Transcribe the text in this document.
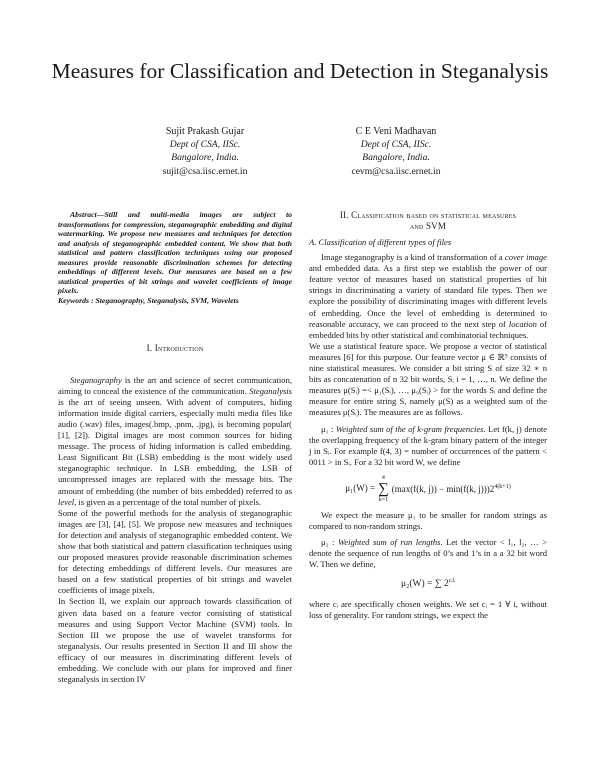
Measures for Classification and Detection in Steganalysis
Sujit Prakash Gujar
Dept of CSA, IISc.
Bangalore, India.
sujit@csa.iisc.ernet.in
C E Veni Madhavan
Dept of CSA, IISc.
Bangalore, India.
cevm@csa.iisc.ernet.in

Abstract—Still and multi-media images are subject to transformations for compression, steganographic embedding and digital watermarking. We propose new measures and techniques for detection and analysis of steganographic embedded content. We show that both statistical and pattern classification techniques using our proposed measures provide reasonable discrimination schemes for detecting embeddings of different levels. Our measures are based on a few statistical properties of bit strings and wavelet coefficients of image pixels.
Keywords : Steganography, Steganalysis, SVM, Wavelets

I. Introduction

Steganography is the art and science of secret communication, aiming to conceal the existence of the communication. Steganalysis is the art of seeing unseen. With advent of computers, hiding information inside digital carriers, especially multi media files like audio (.wav) files, images(.bmp, .pnm, .jpg), is becoming popular( [1], [2]). Digital images are most common sources for hiding message. The process of hiding information is called embedding. Least Significant Bit (LSB) embedding is the most widely used steganographic technique. In LSB embedding, the LSB of uncompressed images are replaced with the message bits. The amount of embedding (the number of bits embedded) referred to as level, is given as a percentage of the total number of pixels.

Some of the powerful methods for the analysis of steganographic images are [3], [4], [5]. We propose new measures and techniques for detection and analysis of steganographic embedded content. We show that both statistical and pattern classification techniques using our proposed measures provide reasonable discrimination schemes for detecting embeddings of different levels. Our measures are based on a few statistical properties of bit strings and wavelet coefficients of image pixels.

In Section II, we explain our approach towards classification of given data based on a feature vector consisting of statistical measures and using Support Vector Machine (SVM) tools. In Section III we propose the use of wavelet transforms for steganalysis. Our results presented in Section II and III show the efficacy of our measures in discriminating different levels of embedding. We conclude with our plans for improved and finer steganalysis in section IV

II. Classification based on statistical measures
and SVM
A. Classification of different types of files

Image steganography is a kind of transformation of a cover image and embedded data. As a first step we establish the power of our feature vector of measures based on statistical properties of bit strings in discriminating a variety of standard file types. Then we explore the possibility of discriminating images with different levels of embedding. Once the level of embedding is determined to reasonable accuracy, we can proceed to the next step of location of embedded bits by other statistical and combinatorial techniques.

We use a statistical feature space. We propose a vector of statistical measures [6] for this purpose. Our feature vector μ ∈ ℝ⁹ consists of nine statistical measures. We consider a bit string S of size 32 ∗ n bits as concatenation of n 32 bit words, Sᵢ i = 1, …, n. We define the measures μ(Sᵢ) =< μ₁(Sᵢ), …, μ₉(Sᵢ) > for the words Sᵢ and define the measure for entire string S, namely μ(S) as a weighted sum of the measures μ(Sᵢ). The measures are as follows.

μ₁ : Weighted sum of the of k-gram frequencies. Let f(k, j) denote the overlapping frequency of the k-gram binary pattern of the integer j in Sᵢ. For example f(4, 3) = number of occurrences of the pattern < 0011 > in Sᵢ. For a 32 bit word W, we define

μ₁(W) =
4
∑
k=1
(max(f(k, j)) − min(f(k, $j)))2^{4(k+1)}$

We expect the measure μ₁ to be smaller for random strings as compared to non-random strings.

μ₂ : Weighted sum of run lengths. Let the vector < l₁, l₂, … > denote the sequence of run lengths of 0’s and 1’s in a a 32 bit word W. Then we define,

μ₂(W) = ∑ $2^{cᵢlᵢ}$

where cᵢ are specifically chosen weights. We set cᵢ = 1 ∀ i, without loss of generality. For random strings, we expect the
